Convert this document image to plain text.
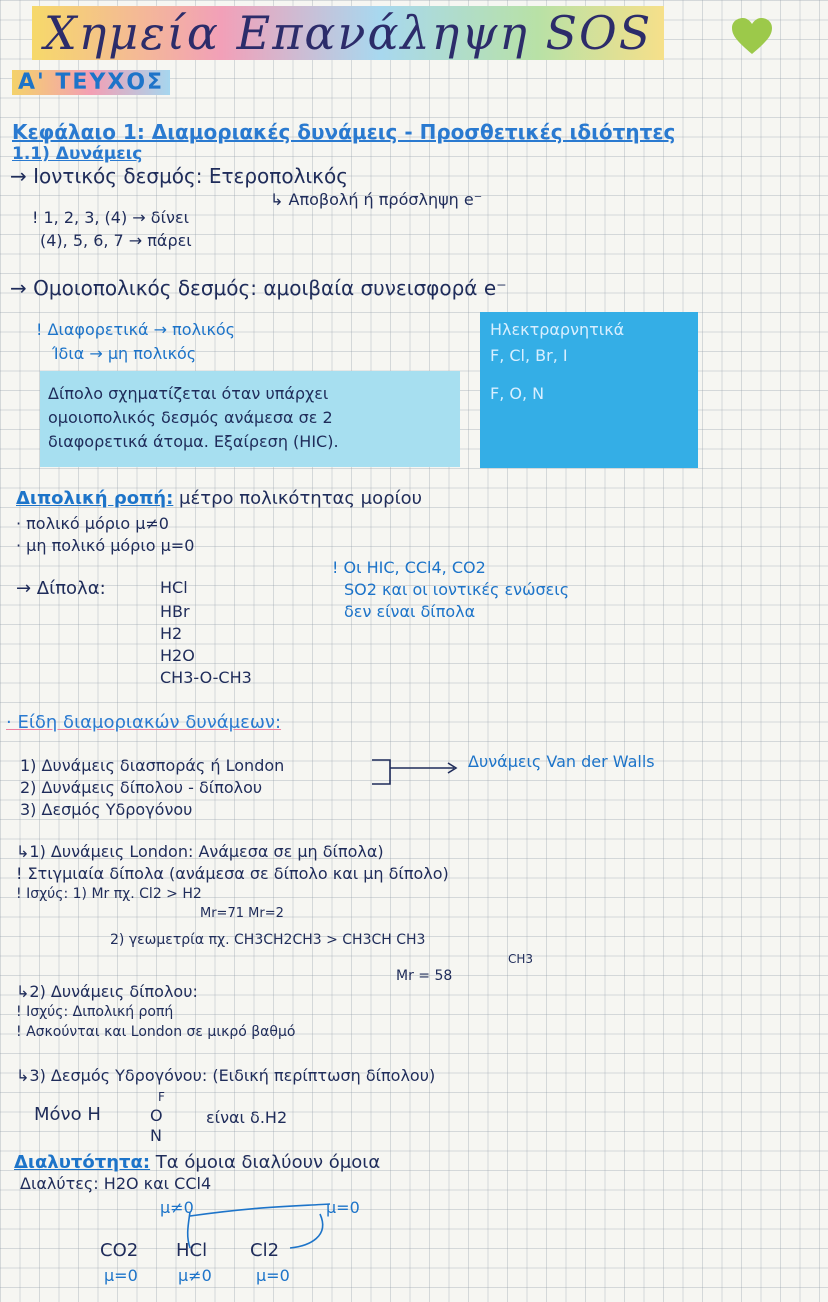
Χημεία Επανάληψη SOS
Α' ΤΕΥΧΟΣ
Κεφάλαιο 1: Διαμοριακές δυνάμεις - Προσθετικές ιδιότητες
1.1) Δυνάμεις
→ Ιοντικός δεσμός: Ετεροπολικός
↳ Αποβολή ή πρόσληψη e⁻
! 1, 2, 3, (4) → δίνει
(4), 5, 6, 7 → πάρει
→ Ομοιοπολικός δεσμός: αμοιβαία συνεισφορά e⁻
! Διαφορετικά → πολικός
Ίδια → μη πολικός
Δίπολο σχηματίζεται όταν υπάρχει
ομοιοπολικός δεσμός ανάμεσα σε 2
διαφορετικά άτομα. Εξαίρεση (HIC).
Ηλεκτραρνητικά
F, Cl, Br, I
F, O, N
Διπολική ροπή: μέτρο πολικότητας μορίου
· πολικό μόριο μ≠0
· μη πολικό μόριο μ=0
→ Δίπολα:	HCl
HBr
H2
H2O
CH3-O-CH3
! Οι HIC, CCl4, CO2
SO2 και οι ιοντικές ενώσεις
δεν είναι δίπολα
· Είδη διαμοριακών δυνάμεων:
1) Δυνάμεις διασποράς ή London
2) Δυνάμεις δίπολου - δίπολου
3) Δεσμός Υδρογόνου
Δυνάμεις Van der Walls
↳1) Δυνάμεις London: Ανάμεσα σε μη δίπολα)
! Στιγμιαία δίπολα (ανάμεσα σε δίπολο και μη δίπολο)
! Ισχύς: 1) Mr πχ. Cl2 > H2
Mr=71 Mr=2
2) γεωμετρία πχ. CH3CH2CH3 > CH3CH CH3
CH3
Mr = 58
↳2) Δυνάμεις δίπολου:
! Ισχύς: Διπολική ροπή
! Ασκούνται και London σε μικρό βαθμό
↳3) Δεσμός Υδρογόνου: (Ειδική περίπτωση δίπολου)
Μόνο H
F
O
N
είναι δ.H2
Διαλυτότητα: Τα όμοια διαλύουν όμοια
Διαλύτες: H2O και CCl4
μ≠0	μ=0
CO2 HCl Cl2
μ=0	μ≠0	μ=0
